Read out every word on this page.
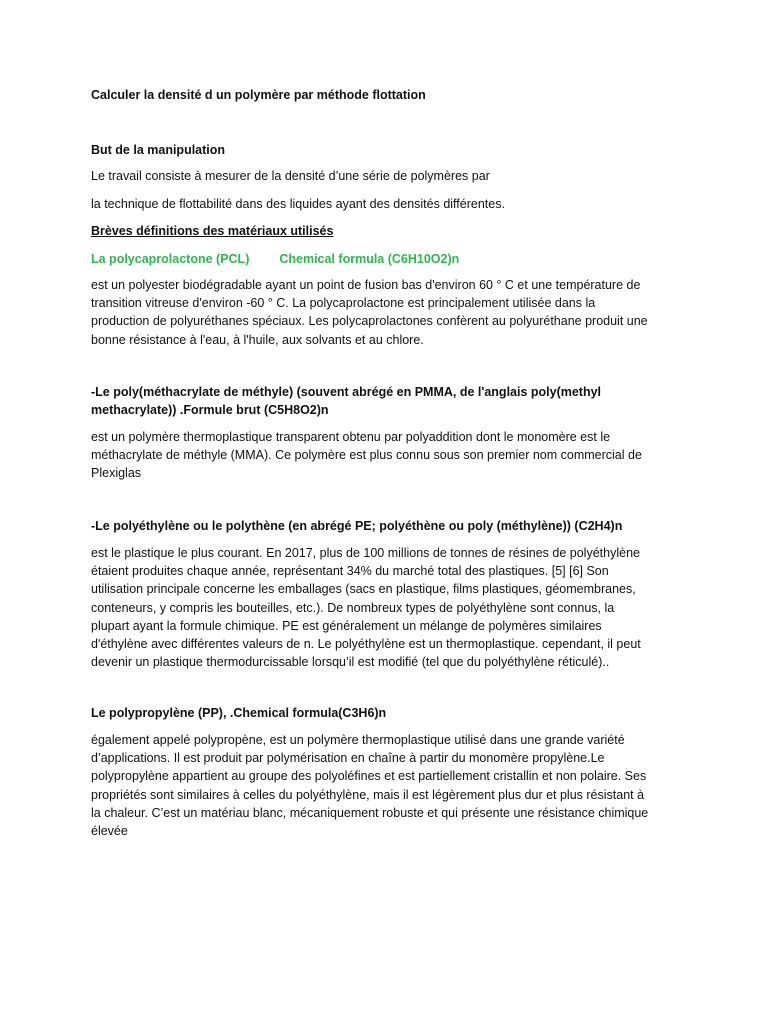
Calculer la densité d un polymère par méthode flottation
But de la manipulation
Le travail consiste à mesurer de la densité d’une série de polymères par
la technique de flottabilité dans des liquides ayant des densités différentes.
Brèves définitions des matériaux utilisés
La polycaprolactone (PCL) Chemical formula (C6H10O2)n
est un polyester biodégradable ayant un point de fusion bas d'environ 60 ° C et une température de
transition vitreuse d'environ -60 ° C. La polycaprolactone est principalement utilisée dans la
production de polyuréthanes spéciaux. Les polycaprolactones confèrent au polyuréthane produit une
bonne résistance à l'eau, à l'huile, aux solvants et au chlore.
-Le poly(méthacrylate de méthyle) (souvent abrégé en PMMA, de l'anglais poly(methyl
methacrylate)) .Formule brut (C5H8O2)n
est un polymère thermoplastique transparent obtenu par polyaddition dont le monomère est le
méthacrylate de méthyle (MMA). Ce polymère est plus connu sous son premier nom commercial de
Plexiglas
-Le polyéthylène ou le polythène (en abrégé PE; polyéthène ou poly (méthylène)) (C2H4)n
est le plastique le plus courant. En 2017, plus de 100 millions de tonnes de résines de polyéthylène
étaient produites chaque année, représentant 34% du marché total des plastiques. [5] [6] Son
utilisation principale concerne les emballages (sacs en plastique, films plastiques, géomembranes,
conteneurs, y compris les bouteilles, etc.). De nombreux types de polyéthylène sont connus, la
plupart ayant la formule chimique. PE est généralement un mélange de polymères similaires
d'éthylène avec différentes valeurs de n. Le polyéthylène est un thermoplastique. cependant, il peut
devenir un plastique thermodurcissable lorsqu’il est modifié (tel que du polyéthylène réticulé)..
Le polypropylène (PP), .Chemical formula(C3H6)n
également appelé polypropène, est un polymère thermoplastique utilisé dans une grande variété
d’applications. Il est produit par polymérisation en chaîne à partir du monomère propylène.Le
polypropylène appartient au groupe des polyoléfines et est partiellement cristallin et non polaire. Ses
propriétés sont similaires à celles du polyéthylène, mais il est légèrement plus dur et plus résistant à
la chaleur. C’est un matériau blanc, mécaniquement robuste et qui présente une résistance chimique
élevée
